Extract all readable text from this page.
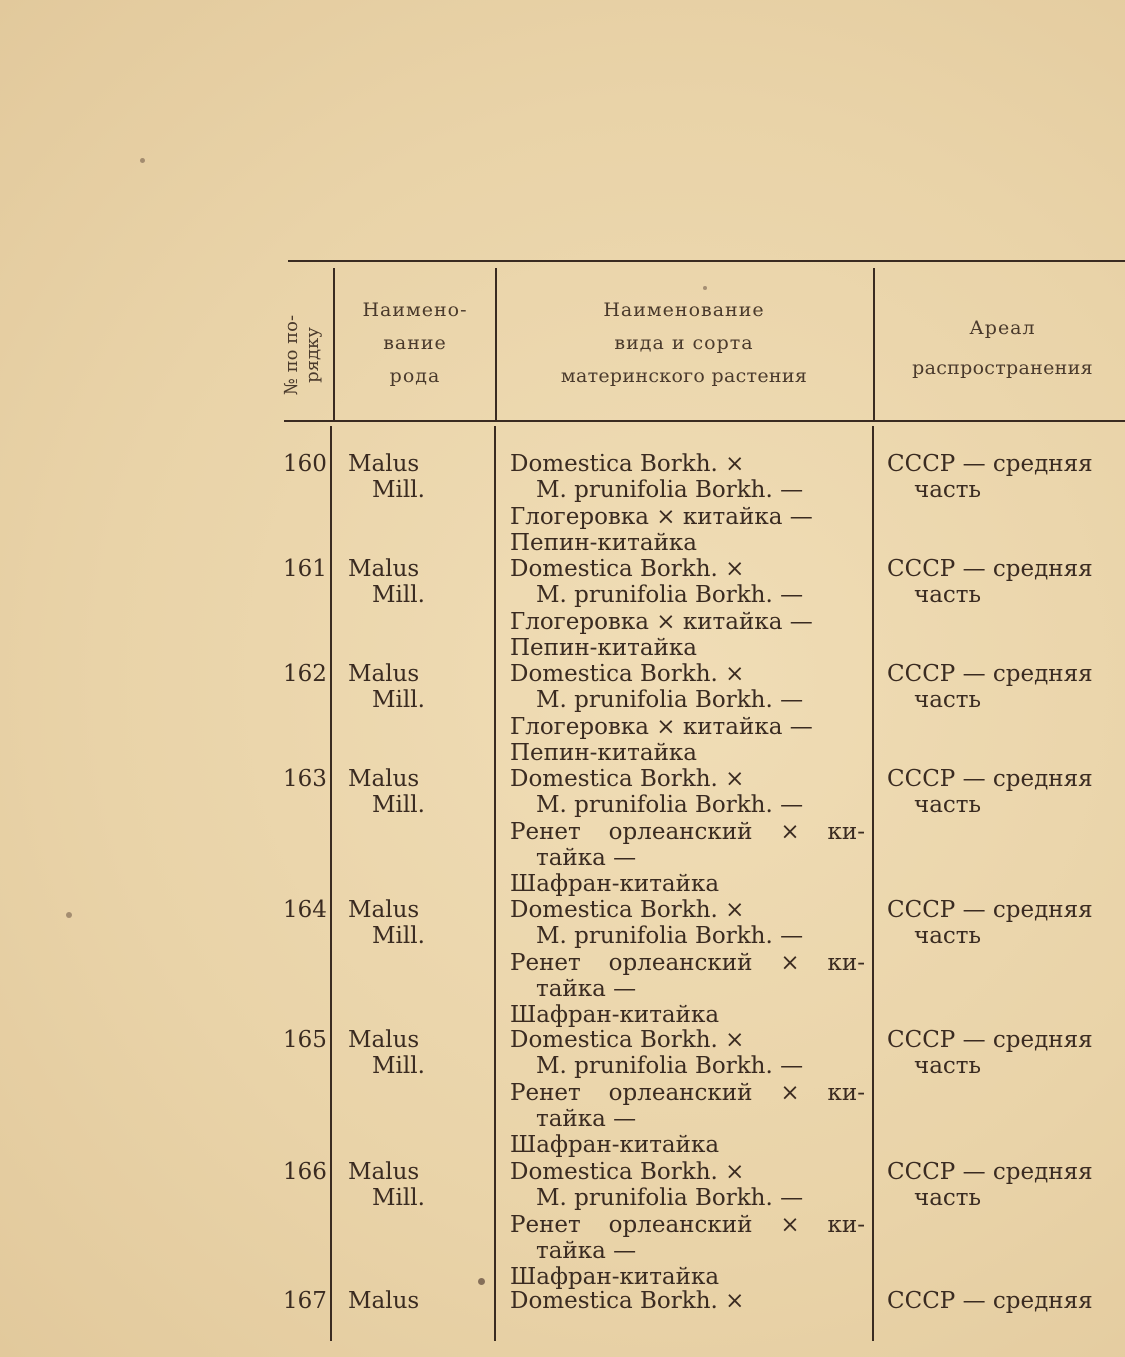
№ по по-рядку
Наимено-
вание
рода
Наименование
вида и сорта
материнского растения
Ареал
распространения
160 Malus
Mill.
Domestica Borkh. ×
M. prunifolia Borkh. —
Глогеровка × китайка —
Пепин-китайка
СССР — средняя
часть
161 Malus
Mill.
Domestica Borkh. ×
M. prunifolia Borkh. —
Глогеровка × китайка —
Пепин-китайка
СССР — средняя
часть
162 Malus
Mill.
Domestica Borkh. ×
M. prunifolia Borkh. —
Глогеровка × китайка —
Пепин-китайка
СССР — средняя
часть
163 Malus
Mill.
Domestica Borkh. ×
M. prunifolia Borkh. —
Ренет орлеанский × ки-
тайка —
Шафран-китайка
СССР — средняя
часть
164 Malus
Mill.
Domestica Borkh. ×
M. prunifolia Borkh. —
Ренет орлеанский × ки-
тайка —
Шафран-китайка
СССР — средняя
часть
165 Malus
Mill.
Domestica Borkh. ×
M. prunifolia Borkh. —
Ренет орлеанский × ки-
тайка —
Шафран-китайка
СССР — средняя
часть
166 Malus
Mill.
Domestica Borkh. ×
M. prunifolia Borkh. —
Ренет орлеанский × ки-
тайка —
Шафран-китайка
СССР — средняя
часть
167 Malus	Domestica Borkh. ×	СССР — средняя
